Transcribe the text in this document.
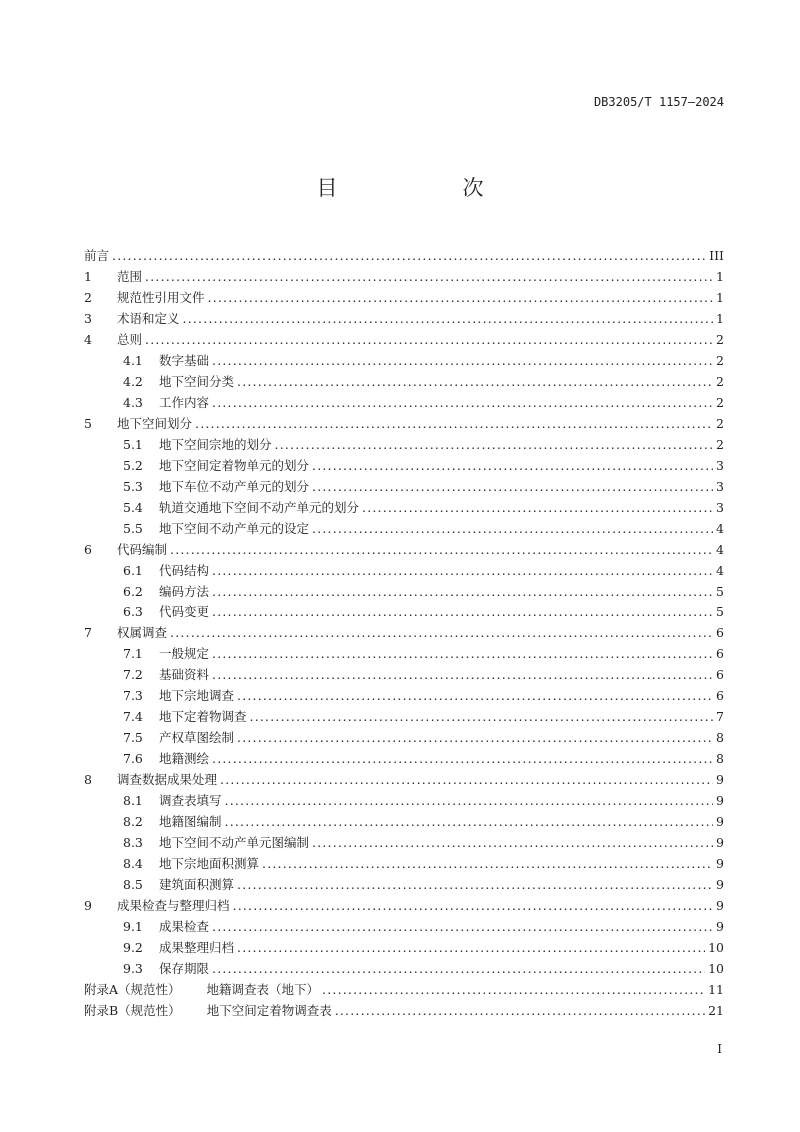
DB3205/T 1157—2024
目　次
前言 .....	III
1	范围 .....	1
2	规范性引用文件 .....	1
3	术语和定义 .....	1
4	总则 .....	2
4.1	数字基础 .....	2
4.2	地下空间分类 .....	2
4.3	工作内容 .....	2
5	地下空间划分 .....	2
5.1	地下空间宗地的划分 .....	2
5.2	地下空间定着物单元的划分 .....	3
5.3	地下车位不动产单元的划分 .....	3
5.4	轨道交通地下空间不动产单元的划分 .....	3
5.5	地下空间不动产单元的设定 .....	4
6	代码编制 .....	4
6.1	代码结构 .....	4
6.2	编码方法 .....	5
6.3	代码变更 .....	5
7	权属调查 .....	6
7.1	一般规定 .....	6
7.2	基础资料 .....	6
7.3	地下宗地调查 .....	6
7.4	地下定着物调查 .....	7
7.5	产权草图绘制 .....	8
7.6	地籍测绘 .....	8
8	调查数据成果处理 .....	9
8.1	调查表填写 .....	9
8.2	地籍图编制 .....	9
8.3	地下空间不动产单元图编制 .....	9
8.4	地下宗地面积测算 .....	9
8.5	建筑面积测算 .....	9
9	成果检查与整理归档 .....	9
9.1	成果检查 .....	9
9.2	成果整理归档 .....	10
9.3	保存期限 .....	10
附录A（规范性） 地籍调查表（地下） .....	11
附录B（规范性） 地下空间定着物调查表 .....	21
I
